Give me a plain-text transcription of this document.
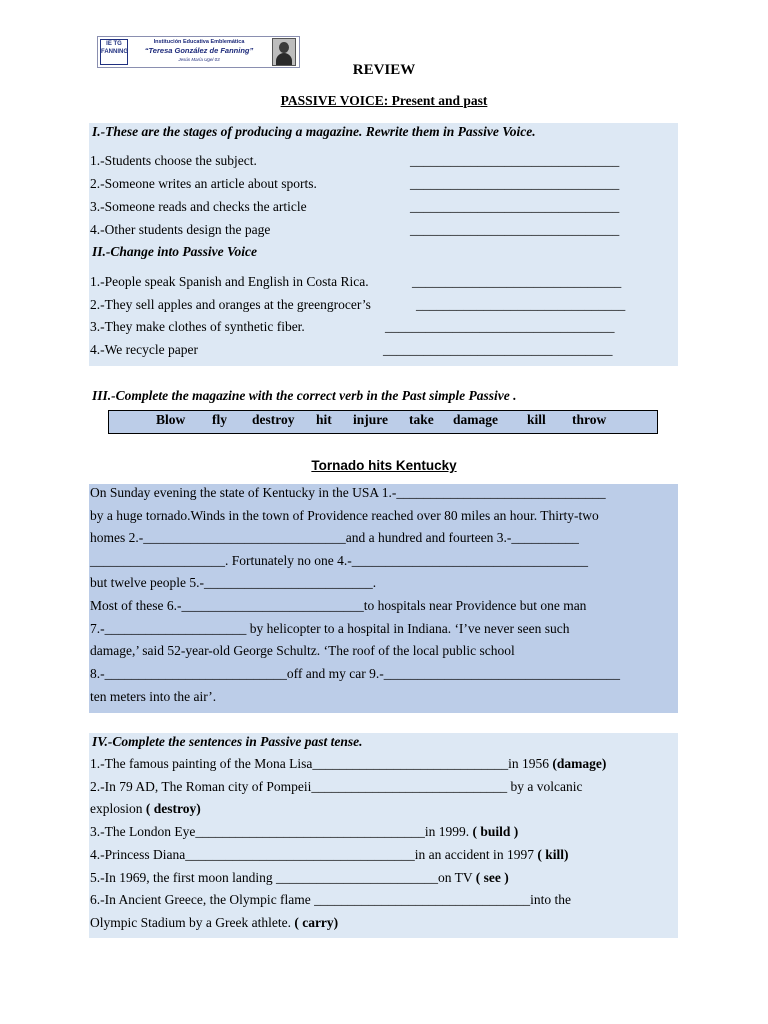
IE TG FANNING
Institución Educativa Emblemática
“Teresa González de Fanning”
Jesús María Ugel 03
REVIEW
PASSIVE VOICE: Present and past
I.-These are the stages of producing a magazine. Rewrite them in Passive Voice.
1.-Students choose the subject.	_______________________________
2.-Someone writes an article about sports.	_______________________________
3.-Someone reads and checks the article	_______________________________
4.-Other students design the page	_______________________________
II.-Change into Passive Voice
1.-People speak Spanish and English in Costa Rica.	_______________________________
2.-They sell apples and oranges at the greengrocer’s	_______________________________
3.-They make clothes of synthetic fiber.	__________________________________
4.-We recycle paper	__________________________________
III.-Complete the magazine with the correct verb in the Past simple Passive .
Blow fly destroy hit injure take damage kill throw
Tornado hits Kentucky
On Sunday evening the state of Kentucky in the USA 1.-_______________________________
by a huge tornado.Winds in the town of Providence reached over 80 miles an hour. Thirty-two
homes 2.-______________________________and a hundred and fourteen 3.-__________
____________________. Fortunately no one 4.-___________________________________
but twelve people 5.-_________________________.
Most of these 6.-___________________________to hospitals near Providence but one man
7.-_____________________ by helicopter to a hospital in Indiana. ‘I’ve never seen such
damage,’ said 52-year-old George Schultz. ‘The roof of the local public school
8.-___________________________off and my car 9.-___________________________________
ten meters into the air’.
IV.-Complete the sentences in Passive past tense.
1.-The famous painting of the Mona Lisa_____________________________in 1956 (damage)
2.-In 79 AD, The Roman city of Pompeii_____________________________ by a volcanic
explosion ( destroy)
3.-The London Eye__________________________________in 1999. ( build )
4.-Princess Diana__________________________________in an accident in 1997 ( kill)
5.-In 1969, the first moon landing ________________________on TV ( see )
6.-In Ancient Greece, the Olympic flame ________________________________into the
Olympic Stadium by a Greek athlete. ( carry)
